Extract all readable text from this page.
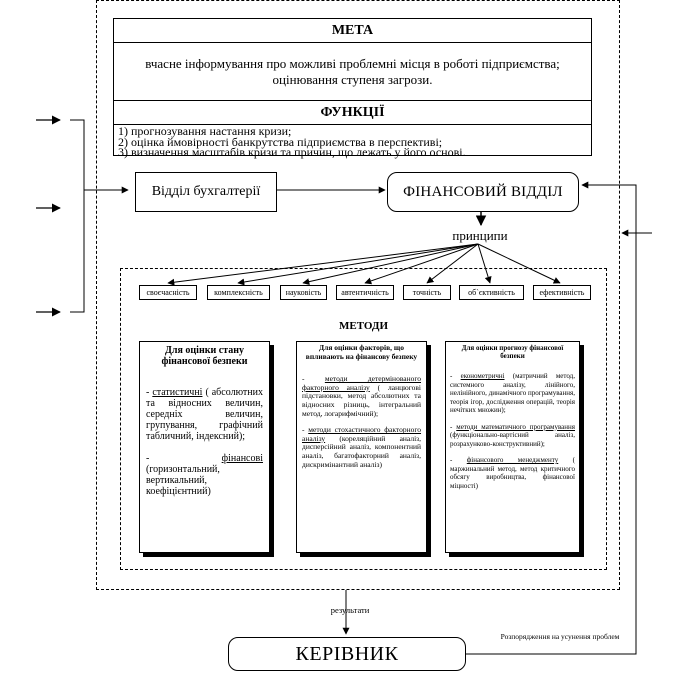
МЕТА
вчасне інформування про можливі проблемні місця в роботі підприємства;
оцінювання ступеня загрози.
ФУНКЦІЇ
1) прогнозування настання кризи;
2) оцінка ймовірності банкрутства підприємства в перспективі;
3) визначення масштабів кризи та причин, що лежать у його основі.
Відділ бухгалтерії	ФІНАНСОВИЙ ВІДДІЛ
принципи
своєчасність	комплексність	науковість	автентичність	точність	об`єктивність	ефективність
МЕТОДИ
Для оцінки стану фінансової безпеки
- статистичні ( абсолютних та відносних величин, середніх величин, групування, графічний табличний, індексний);
- фінансові (горизонтальний, вертикальний, коефіцієнтний)
Для оцінки факторів, що впливають на фінансову безпеку
- методи детермінованого факторного аналізу ( ланцюгові підстановки, метод абсолютних та відносних різниць, інтегральний метод, логарифмічний);
- методи стохастичного факторного аналізу (кореляційний аналіз, дисперсійний аналіз, компонентний аналіз, багатофакторний аналіз, дискримінантний аналіз)
Для оцінки прогнозу фінансової безпеки
- економетричні (матричний метод, системного аналізу, лінійного, нелінійного, динамічного програмування, теорія ігор, дослідження операцій, теорія нечітких множин);
- методи математичного програмування (функціонально-вартісний аналіз, розрахунково-конструктивний);
- фінансового менеджменту ( маржинальний метод, метод критичного обсягу виробництва, фінансової міцності)
результати
КЕРІВНИК
Розпорядження на усунення проблем
